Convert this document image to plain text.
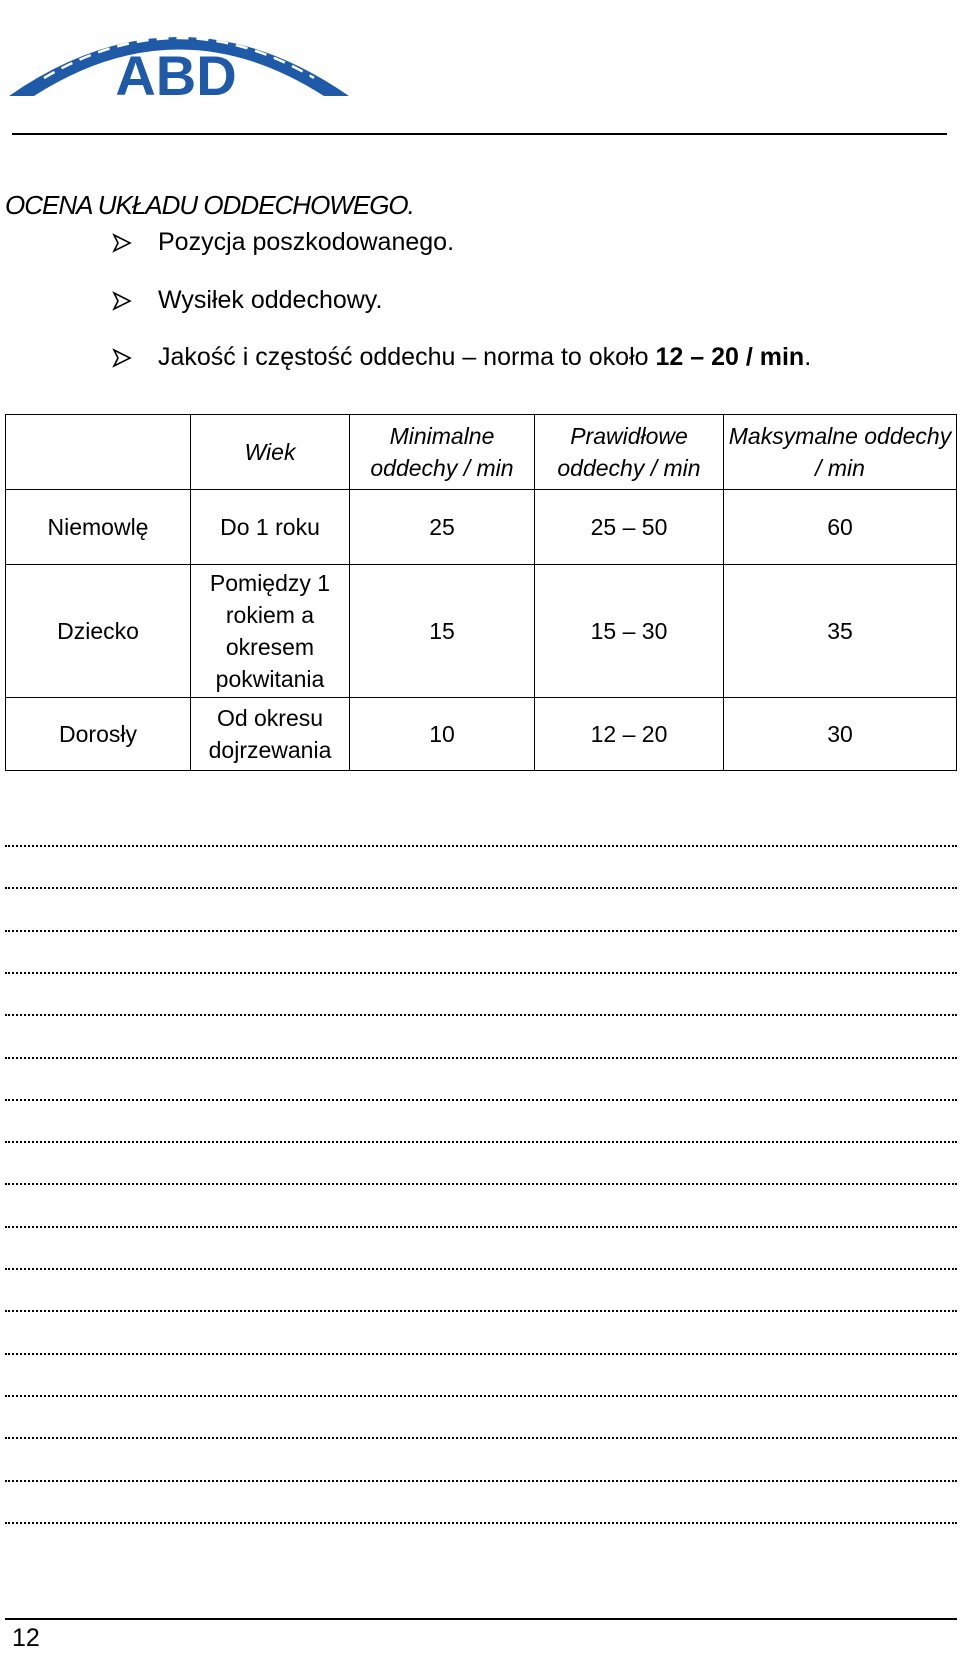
ABD
OCENA UKŁADU ODDECHOWEGO.
Pozycja poszkodowanego.
Wysiłek oddechowy.
Jakość i częstość oddechu – norma to około 12 – 20 / min.
	Wiek	Minimalne oddechy / min	Prawidłowe oddechy / min	Maksymalne oddechy / min
Niemowlę	Do 1 roku	25	25 – 50	60
Dziecko	Pomiędzy 1 rokiem a okresem pokwitania	15	15 – 30	35
Dorosły	Od okresu dojrzewania	10	12 – 20	30
12
